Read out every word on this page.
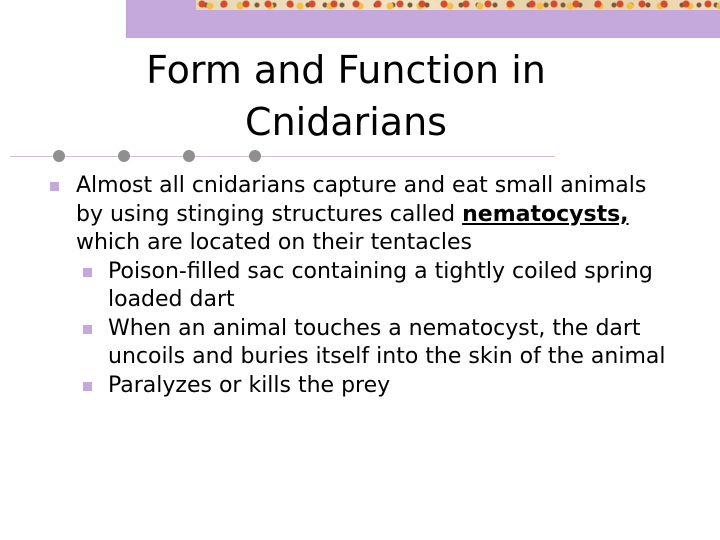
Form and Function in
Cnidarians
Almost all cnidarians capture and eat small animals by using stinging structures called nematocysts, which are located on their tentacles
Poison-filled sac containing a tightly coiled spring loaded dart
When an animal touches a nematocyst, the dart uncoils and buries itself into the skin of the animal
Paralyzes or kills the prey
